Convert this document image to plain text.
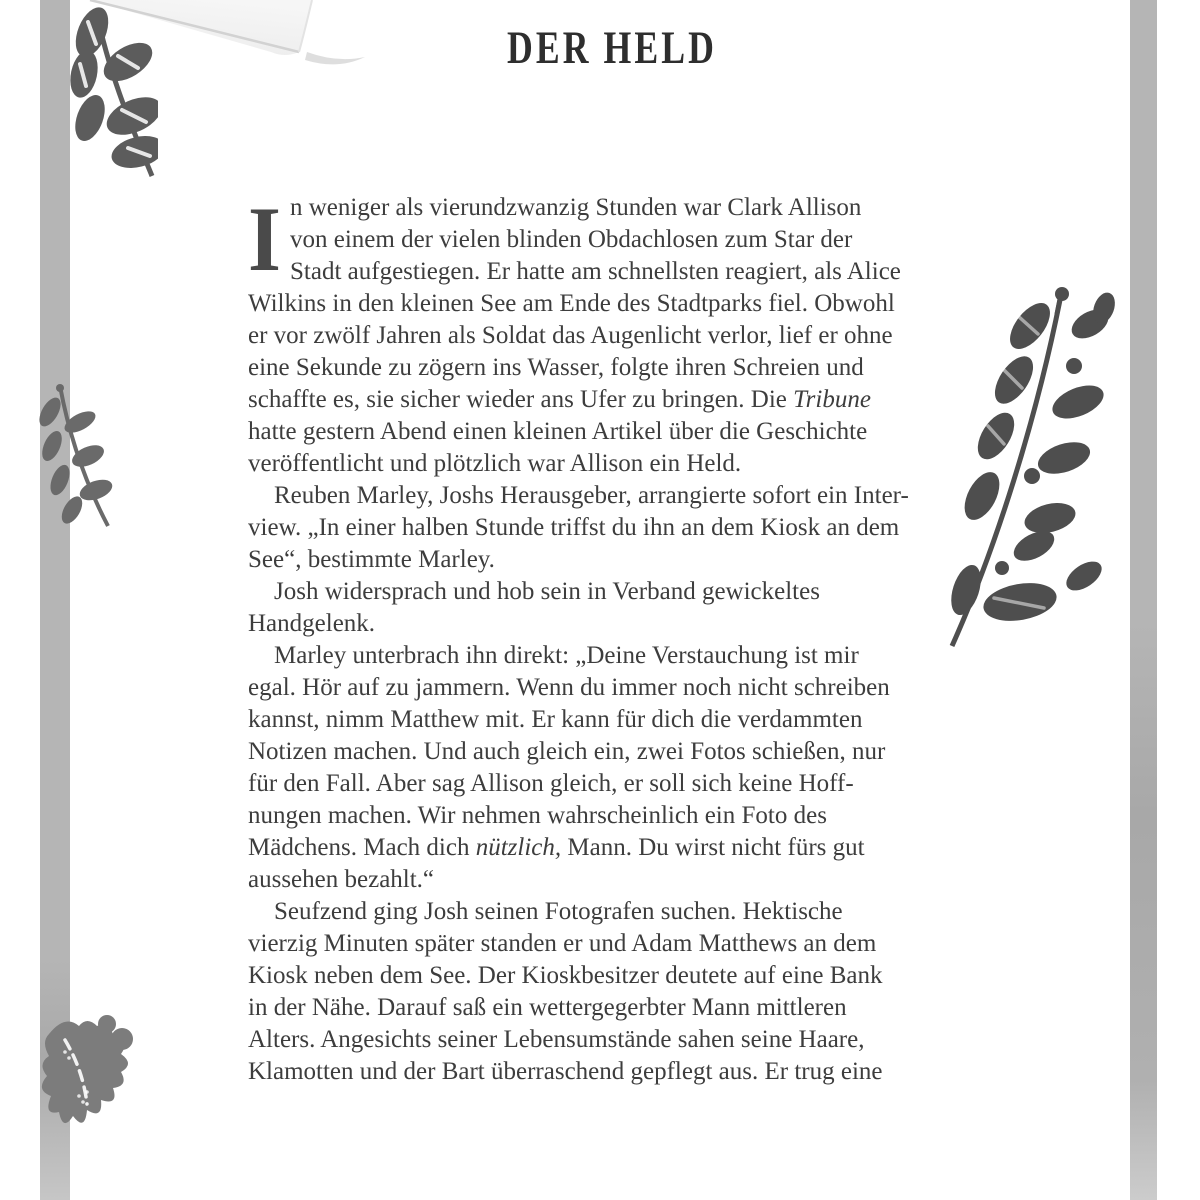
DER HELD
I n weniger als vierundzwanzig Stunden war Clark Allison
von einem der vielen blinden Obdachlosen zum Star der
Stadt aufgestiegen. Er hatte am schnellsten reagiert, als Alice
Wilkins in den kleinen See am Ende des Stadtparks fiel. Obwohl
er vor zwölf Jahren als Soldat das Augenlicht verlor, lief er ohne
eine Sekunde zu zögern ins Wasser, folgte ihren Schreien und
schaffte es, sie sicher wieder ans Ufer zu bringen. Die Tribune
hatte gestern Abend einen kleinen Artikel über die Geschichte
veröffentlicht und plötzlich war Allison ein Held.
Reuben Marley, Joshs Herausgeber, arrangierte sofort ein Inter-
view. „In einer halben Stunde triffst du ihn an dem Kiosk an dem
See“, bestimmte Marley.
Josh widersprach und hob sein in Verband gewickeltes
Handgelenk.
Marley unterbrach ihn direkt: „Deine Verstauchung ist mir
egal. Hör auf zu jammern. Wenn du immer noch nicht schreiben
kannst, nimm Matthew mit. Er kann für dich die verdammten
Notizen machen. Und auch gleich ein, zwei Fotos schießen, nur
für den Fall. Aber sag Allison gleich, er soll sich keine Hoff-
nungen machen. Wir nehmen wahrscheinlich ein Foto des
Mädchens. Mach dich nützlich, Mann. Du wirst nicht fürs gut
aussehen bezahlt.“
Seufzend ging Josh seinen Fotografen suchen. Hektische
vierzig Minuten später standen er und Adam Matthews an dem
Kiosk neben dem See. Der Kioskbesitzer deutete auf eine Bank
in der Nähe. Darauf saß ein wettergegerbter Mann mittleren
Alters. Angesichts seiner Lebensumstände sahen seine Haare,
Klamotten und der Bart überraschend gepflegt aus. Er trug eine
